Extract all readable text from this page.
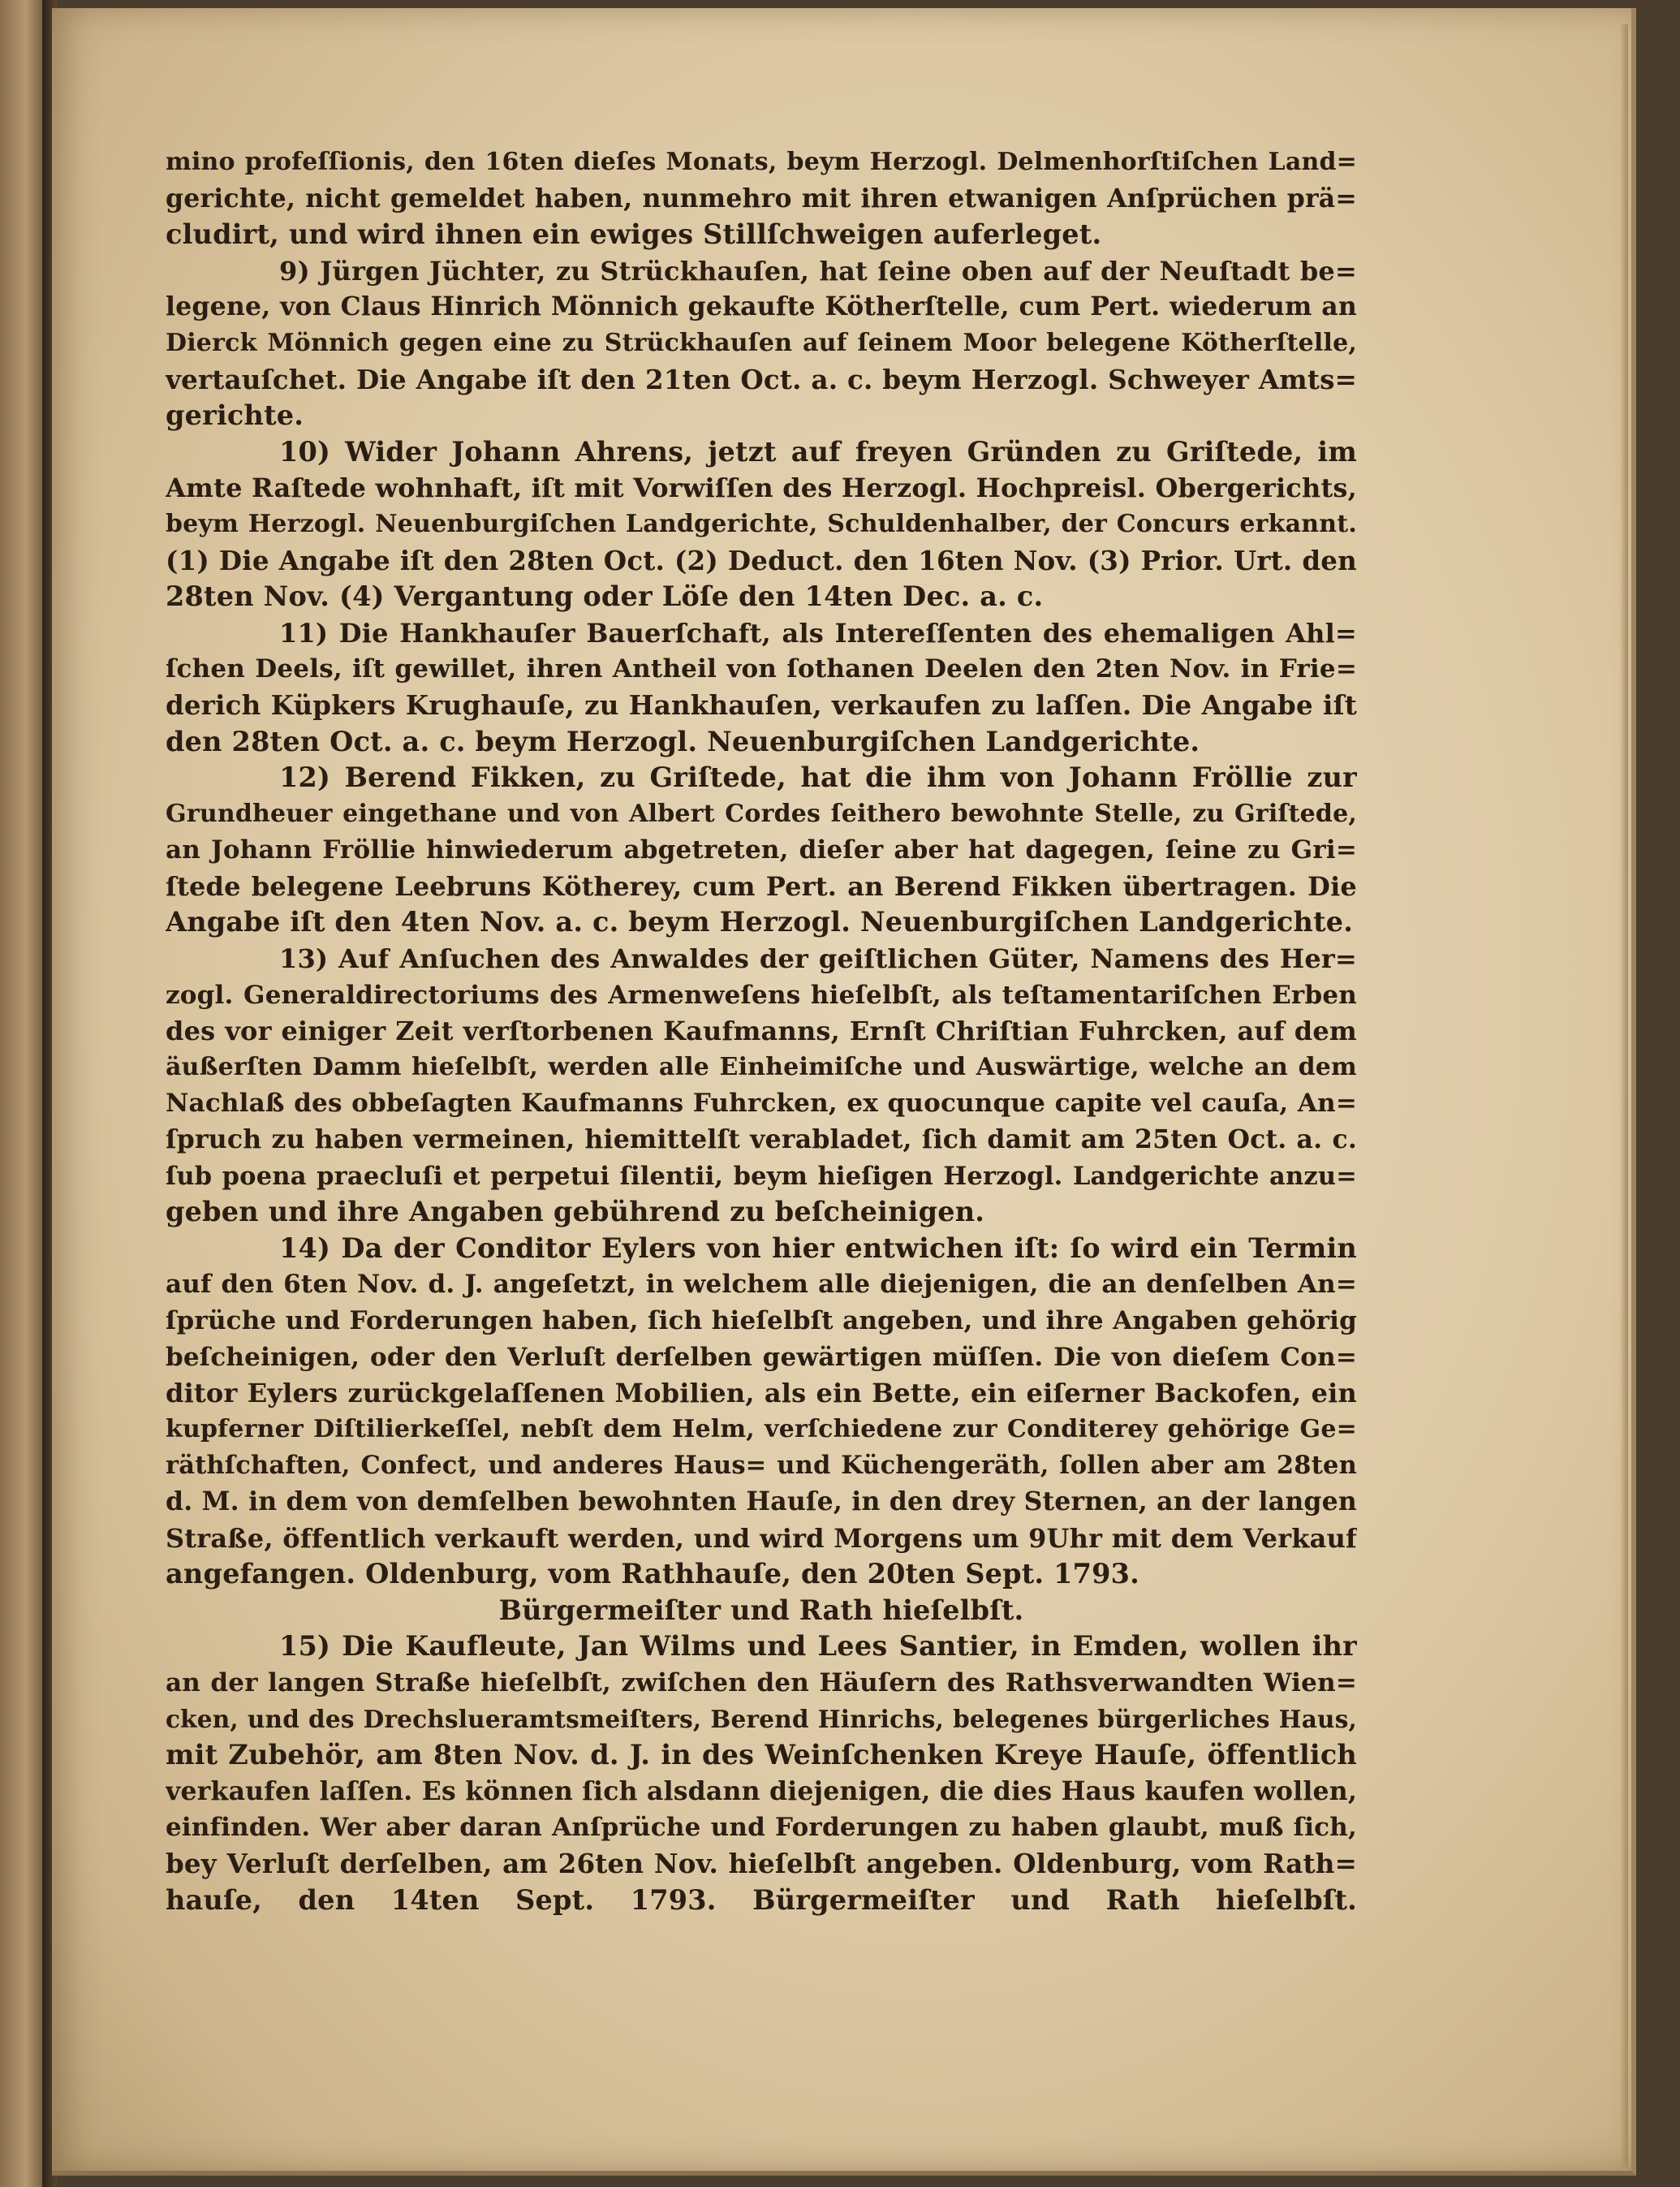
mino profeſſionis, den 16ten dieſes Monats, beym Herzogl. Delmenhorſtiſchen Land=
gerichte, nicht gemeldet haben, nunmehro mit ihren etwanigen Anſprüchen prä=
cludirt, und wird ihnen ein ewiges Stillſchweigen auferleget.
9) Jürgen Jüchter, zu Strückhauſen, hat ſeine oben auf der Neuſtadt be=
legene, von Claus Hinrich Mönnich gekaufte Kötherſtelle, cum Pert. wiederum an
Dierck Mönnich gegen eine zu Strückhauſen auf ſeinem Moor belegene Kötherſtelle,
vertauſchet. Die Angabe iſt den 21ten Oct. a. c. beym Herzogl. Schweyer Amts=
gerichte.
10) Wider Johann Ahrens, jetzt auf freyen Gründen zu Griſtede, im
Amte Raſtede wohnhaft, iſt mit Vorwiſſen des Herzogl. Hochpreisl. Obergerichts,
beym Herzogl. Neuenburgiſchen Landgerichte, Schuldenhalber, der Concurs erkannt.
(1) Die Angabe iſt den 28ten Oct. (2) Deduct. den 16ten Nov. (3) Prior. Urt. den
28ten Nov. (4) Vergantung oder Löſe den 14ten Dec. a. c.
11) Die Hankhauſer Bauerſchaft, als Intereſſenten des ehemaligen Ahl=
ſchen Deels, iſt gewillet, ihren Antheil von ſothanen Deelen den 2ten Nov. in Frie=
derich Küpkers Krughauſe, zu Hankhauſen, verkaufen zu laſſen. Die Angabe iſt
den 28ten Oct. a. c. beym Herzogl. Neuenburgiſchen Landgerichte.
12) Berend Fikken, zu Griſtede, hat die ihm von Johann Fröllie zur
Grundheuer eingethane und von Albert Cordes ſeithero bewohnte Stelle, zu Griſtede,
an Johann Fröllie hinwiederum abgetreten, dieſer aber hat dagegen, ſeine zu Gri=
ſtede belegene Leebruns Kötherey, cum Pert. an Berend Fikken übertragen. Die
Angabe iſt den 4ten Nov. a. c. beym Herzogl. Neuenburgiſchen Landgerichte.
13) Auf Anſuchen des Anwaldes der geiſtlichen Güter, Namens des Her=
zogl. Generaldirectoriums des Armenweſens hieſelbſt, als teſtamentariſchen Erben
des vor einiger Zeit verſtorbenen Kaufmanns, Ernſt Chriſtian Fuhrcken, auf dem
äußerſten Damm hieſelbſt, werden alle Einheimiſche und Auswärtige, welche an dem
Nachlaß des obbeſagten Kaufmanns Fuhrcken, ex quocunque capite vel cauſa, An=
ſpruch zu haben vermeinen, hiemittelſt verabladet, ſich damit am 25ten Oct. a. c.
ſub poena praecluſi et perpetui ſilentii, beym hieſigen Herzogl. Landgerichte anzu=
geben und ihre Angaben gebührend zu beſcheinigen.
14) Da der Conditor Eylers von hier entwichen iſt: ſo wird ein Termin
auf den 6ten Nov. d. J. angeſetzt, in welchem alle diejenigen, die an denſelben An=
ſprüche und Forderungen haben, ſich hieſelbſt angeben, und ihre Angaben gehörig
beſcheinigen, oder den Verluſt derſelben gewärtigen müſſen. Die von dieſem Con=
ditor Eylers zurückgelaſſenen Mobilien, als ein Bette, ein eiſerner Backofen, ein
kupferner Diſtilierkeſſel, nebſt dem Helm, verſchiedene zur Conditerey gehörige Ge=
räthſchaften, Confect, und anderes Haus= und Küchengeräth, ſollen aber am 28ten
d. M. in dem von demſelben bewohnten Hauſe, in den drey Sternen, an der langen
Straße, öffentlich verkauft werden, und wird Morgens um 9Uhr mit dem Verkauf
angefangen. Oldenburg, vom Rathhauſe, den 20ten Sept. 1793.
Bürgermeiſter und Rath hieſelbſt.
15) Die Kaufleute, Jan Wilms und Lees Santier, in Emden, wollen ihr
an der langen Straße hieſelbſt, zwiſchen den Häuſern des Rathsverwandten Wien=
cken, und des Drechslueramtsmeiſters, Berend Hinrichs, belegenes bürgerliches Haus,
mit Zubehör, am 8ten Nov. d. J. in des Weinſchenken Kreye Hauſe, öffentlich
verkaufen laſſen. Es können ſich alsdann diejenigen, die dies Haus kaufen wollen,
einfinden. Wer aber daran Anſprüche und Forderungen zu haben glaubt, muß ſich,
bey Verluſt derſelben, am 26ten Nov. hieſelbſt angeben. Oldenburg, vom Rath=
hauſe, den 14ten Sept. 1793. Bürgermeiſter und Rath hieſelbſt.
